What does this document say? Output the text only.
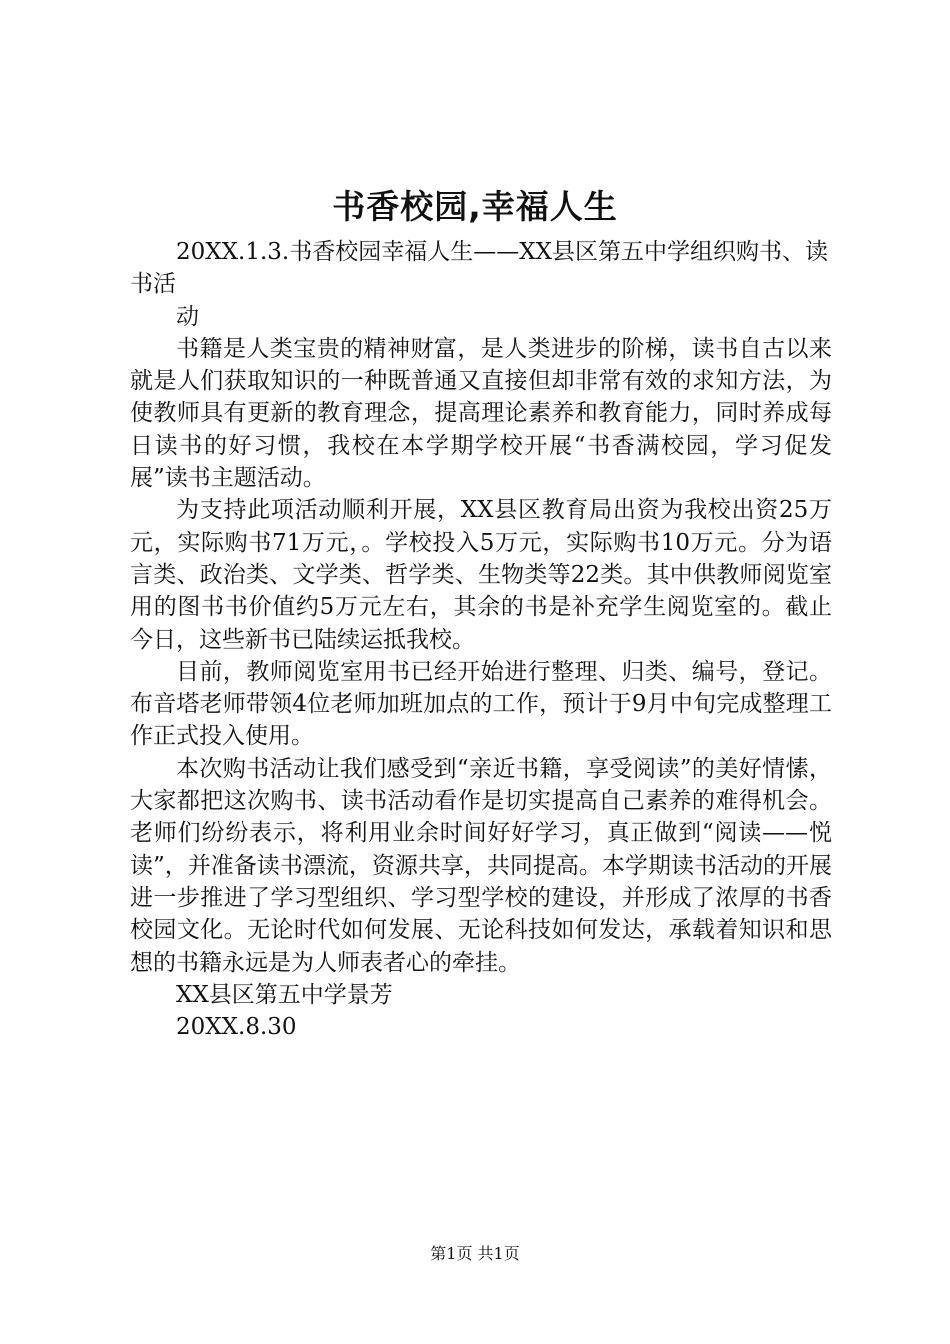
书香校园,幸福人生

20XX.1.3.书香校园幸福人生——XX县区第五中学组织购书、读书活

动

书籍是人类宝贵的精神财富，是人类进步的阶梯，读书自古以来就是人们获取知识的一种既普通又直接但却非常有效的求知方法，为使教师具有更新的教育理念，提高理论素养和教育能力，同时养成每日读书的好习惯，我校在本学期学校开展“书香满校园，学习促发展”读书主题活动。

为支持此项活动顺利开展，XX县区教育局出资为我校出资25万元，实际购书71万元，。学校投入5万元，实际购书10万元。分为语言类、政治类、文学类、哲学类、生物类等22类。其中供教师阅览室用的图书书价值约5万元左右，其余的书是补充学生阅览室的。截止今日，这些新书已陆续运抵我校。

目前，教师阅览室用书已经开始进行整理、归类、编号，登记。布音塔老师带领4位老师加班加点的工作，预计于9月中旬完成整理工作正式投入使用。

本次购书活动让我们感受到“亲近书籍，享受阅读”的美好情愫，大家都把这次购书、读书活动看作是切实提高自己素养的难得机会。老师们纷纷表示，将利用业余时间好好学习，真正做到“阅读——悦读”，并准备读书漂流，资源共享，共同提高。本学期读书活动的开展进一步推进了学习型组织、学习型学校的建设，并形成了浓厚的书香校园文化。无论时代如何发展、无论科技如何发达，承载着知识和思想的书籍永远是为人师表者心的牵挂。

XX县区第五中学景芳

20XX.8.30

第1页 共1页
